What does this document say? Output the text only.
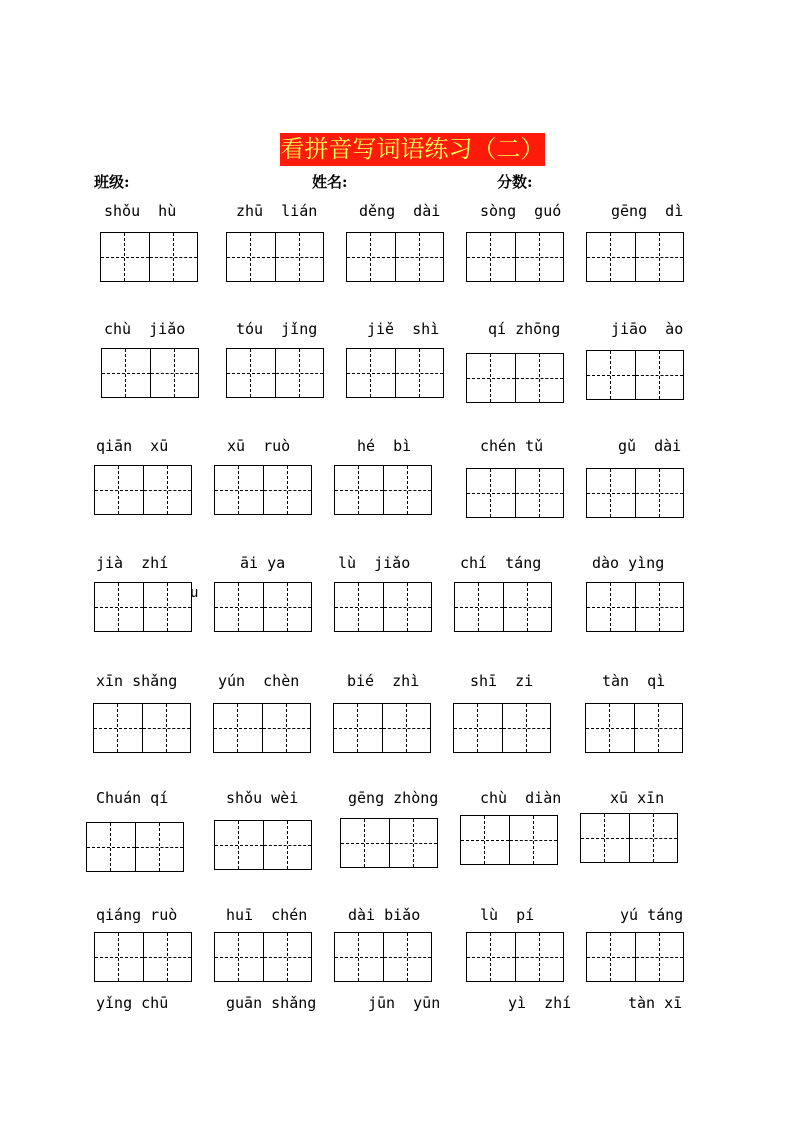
看拼音写词语练习（二）
班级:	姓名:	分数:
shǒu  hù	zhū  lián	děng  dài	sòng  guó	gēng  dì
chù  jiǎo	tóu  jǐng	jiě  shì	qí zhōng	jiāo  ào
qiān  xū	xū  ruò	hé  bì	chén tǔ	gǔ  dài
jià  zhí	āi ya	lù  jiǎo	chí  táng	dào yìng
u
xīn shǎng	yún  chèn	bié  zhì	shī  zi	tàn  qì
Chuán qí	shǒu wèi	gēng zhòng	chù  diàn	xū xīn
qiáng ruò	huī  chén	dài biǎo	lù  pí	yú táng
yǐng chū	guān shǎng	jūn  yūn	yì  zhí	tàn xī
